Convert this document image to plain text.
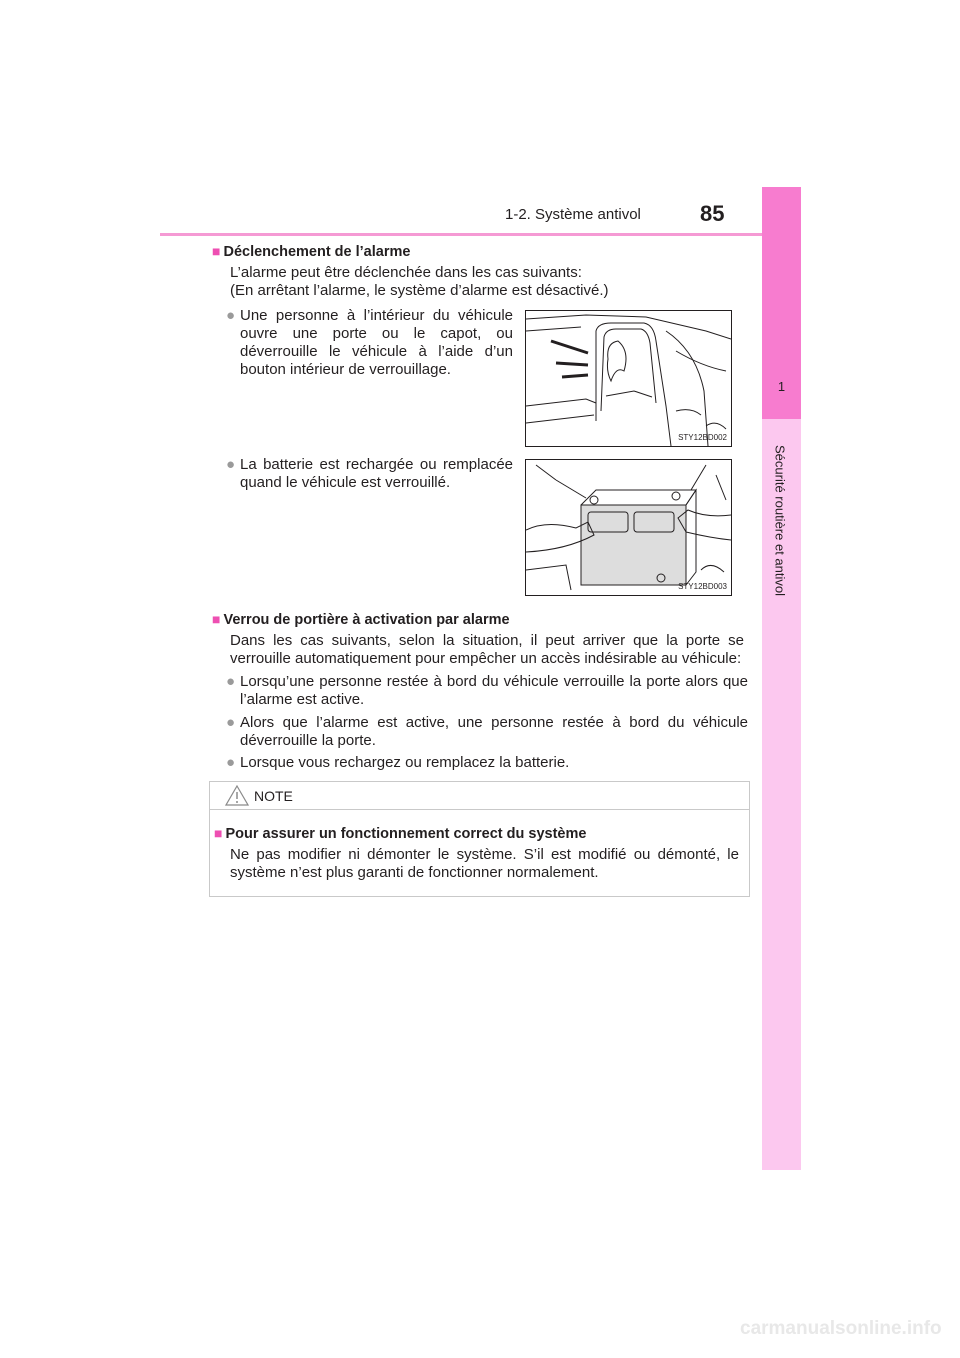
1-2. Système antivol	85
1
Sécurité routière et antivol
■ Déclenchement de l’alarme
L’alarme peut être déclenchée dans les cas suivants:
(En arrêtant l’alarme, le système d’alarme est désactivé.)
● Une personne à l’intérieur du véhicule
ouvre une porte ou le capot, ou
déverrouille le véhicule à l’aide d’un
bouton intérieur de verrouillage.
STY12BD002
● La batterie est rechargée ou remplacée
quand le véhicule est verrouillé.
STY12BD003
■ Verrou de portière à activation par alarme
Dans les cas suivants, selon la situation, il peut arriver que la porte se
verrouille automatiquement pour empêcher un accès indésirable au véhicule:
● Lorsqu’une personne restée à bord du véhicule verrouille la porte alors que
l’alarme est active.
● Alors que l’alarme est active, une personne restée à bord du véhicule
déverrouille la porte.
● Lorsque vous rechargez ou remplacez la batterie.
NOTE
■ Pour assurer un fonctionnement correct du système
Ne pas modifier ni démonter le système. S’il est modifié ou démonté, le
système n’est plus garanti de fonctionner normalement.
carmanualsonline.info
